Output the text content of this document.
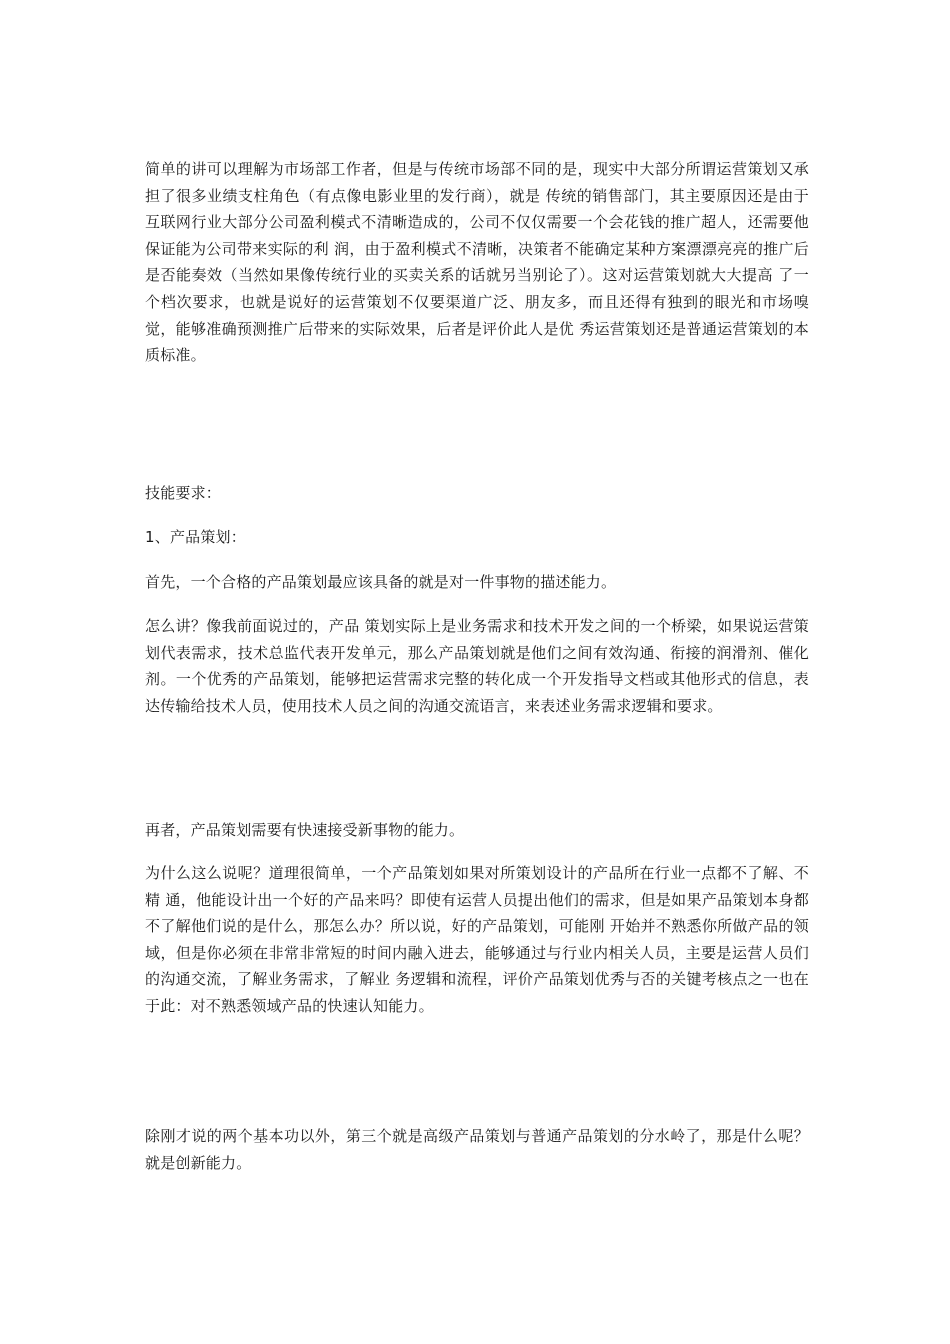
简单的讲可以理解为市场部工作者，但是与传统市场部不同的是，现实中大部分所谓运营策划又承担了很多业绩支柱角色（有点像电影业里的发行商），就是 传统的销售部门，其主要原因还是由于互联网行业大部分公司盈利模式不清晰造成的，公司不仅仅需要一个会花钱的推广超人，还需要他保证能为公司带来实际的利 润，由于盈利模式不清晰，决策者不能确定某种方案漂漂亮亮的推广后是否能奏效（当然如果像传统行业的买卖关系的话就另当别论了）。这对运营策划就大大提高 了一个档次要求，也就是说好的运营策划不仅要渠道广泛、朋友多，而且还得有独到的眼光和市场嗅觉，能够准确预测推广后带来的实际效果，后者是评价此人是优 秀运营策划还是普通运营策划的本质标准。

技能要求：

1、产品策划：

首先，一个合格的产品策划最应该具备的就是对一件事物的描述能力。

怎么讲？像我前面说过的，产品 策划实际上是业务需求和技术开发之间的一个桥梁，如果说运营策划代表需求，技术总监代表开发单元，那么产品策划就是他们之间有效沟通、衔接的润滑剂、催化 剂。一个优秀的产品策划，能够把运营需求完整的转化成一个开发指导文档或其他形式的信息，表达传输给技术人员，使用技术人员之间的沟通交流语言，来表述业务需求逻辑和要求。

再者，产品策划需要有快速接受新事物的能力。

为什么这么说呢？道理很简单，一个产品策划如果对所策划设计的产品所在行业一点都不了解、不精 通，他能设计出一个好的产品来吗？即使有运营人员提出他们的需求，但是如果产品策划本身都不了解他们说的是什么，那怎么办？所以说，好的产品策划，可能刚 开始并不熟悉你所做产品的领域，但是你必须在非常非常短的时间内融入进去，能够通过与行业内相关人员，主要是运营人员们的沟通交流，了解业务需求，了解业 务逻辑和流程，评价产品策划优秀与否的关键考核点之一也在于此：对不熟悉领域产品的快速认知能力。

除刚才说的两个基本功以外，第三个就是高级产品策划与普通产品策划的分水岭了，那是什么呢？就是创新能力。
